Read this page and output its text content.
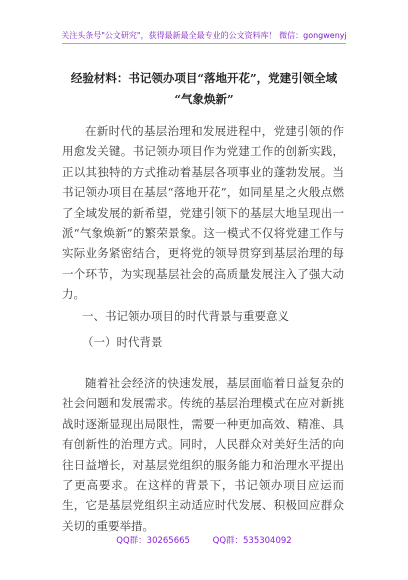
关注头条号"公文研究"，获得最新最全最专业的公文资料库！ 微信：gongwenyj
经验材料：书记领办项目“落地开花”，党建引领全域
“气象焕新”

在新时代的基层治理和发展进程中，党建引领的作用愈发关键。书记领办项目作为党建工作的创新实践，正以其独特的方式推动着基层各项事业的蓬勃发展。当书记领办项目在基层“落地开花”，如同星星之火般点燃了全域发展的新希望，党建引领下的基层大地呈现出一派“气象焕新”的繁荣景象。这一模式不仅将党建工作与实际业务紧密结合，更将党的领导贯穿到基层治理的每一个环节，为实现基层社会的高质量发展注入了强大动力。

一、书记领办项目的时代背景与重要意义
（一）时代背景

随着社会经济的快速发展，基层面临着日益复杂的社会问题和发展需求。传统的基层治理模式在应对新挑战时逐渐显现出局限性，需要一种更加高效、精准、具有创新性的治理方式。同时，人民群众对美好生活的向往日益增长，对基层党组织的服务能力和治理水平提出了更高要求。在这样的背景下，书记领办项目应运而生，它是基层党组织主动适应时代发展、积极回应群众关切的重要举措。

QQ群：30265665	QQ群：535304092
